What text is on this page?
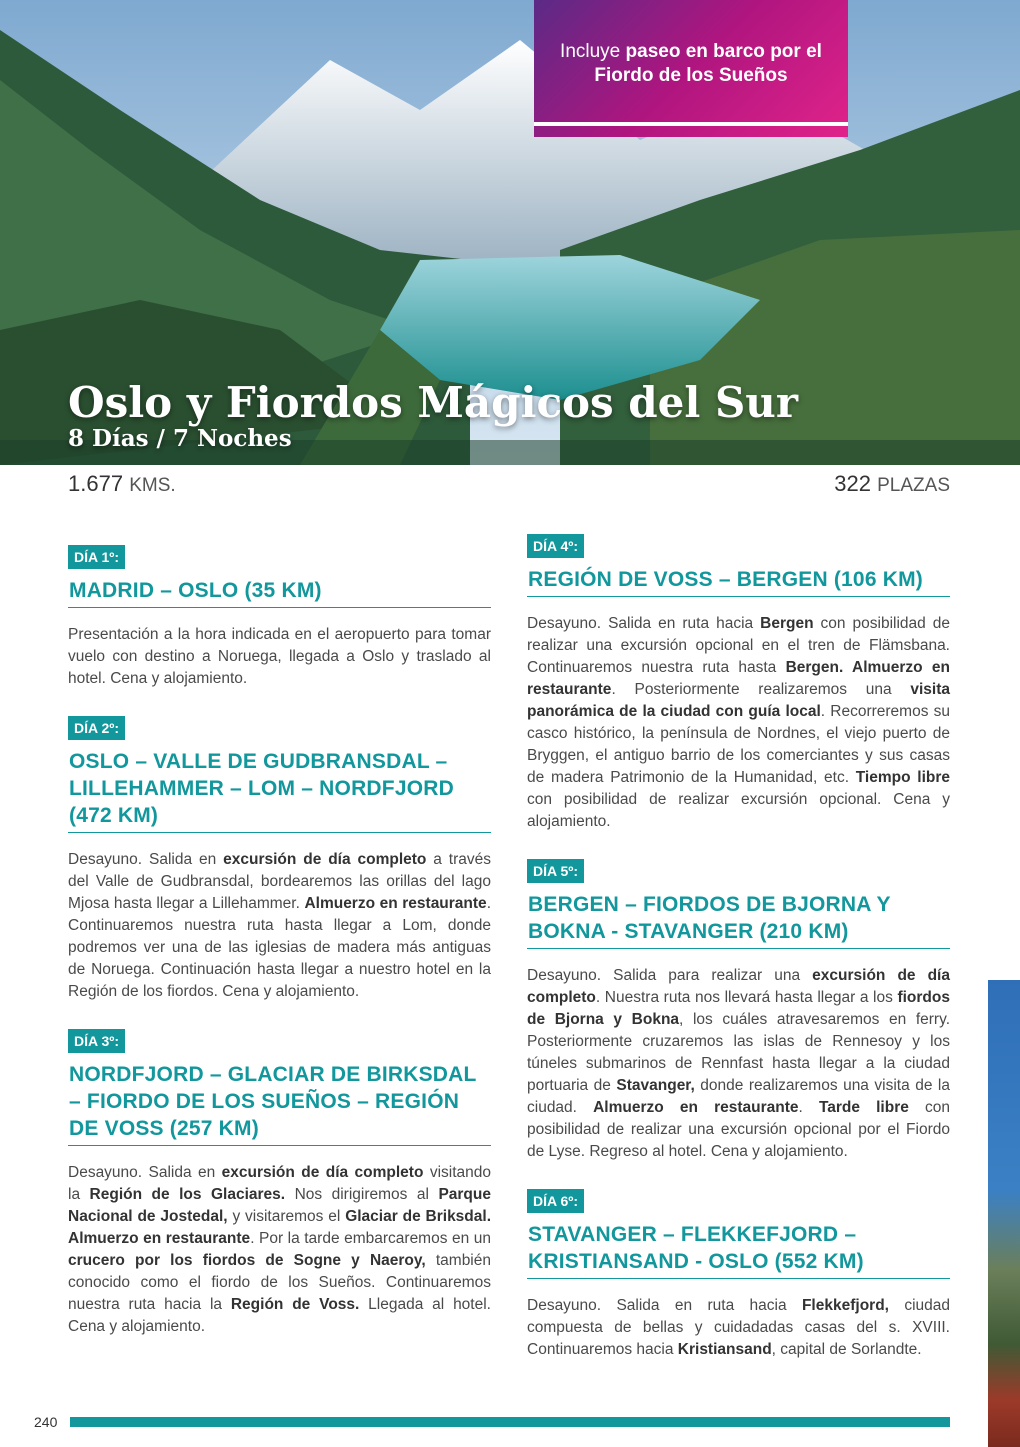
Incluye paseo en barco por el Fiordo de los Sueños
Oslo y Fiordos Mágicos del Sur
8 Días / 7 Noches
1.677 KMS.	322 PLAZAS
DÍA 1º:
MADRID – OSLO (35 KM)
Presentación a la hora indicada en el aeropuerto para tomar vuelo con destino a Noruega, llegada a Oslo y traslado al hotel. Cena y alojamiento.
DÍA 2º:
OSLO – VALLE DE GUDBRANSDAL – LILLEHAMMER – LOM – NORDFJORD (472 KM)
Desayuno. Salida en excursión de día completo a través del Valle de Gudbransdal, bordearemos las orillas del lago Mjosa hasta llegar a Lillehammer. Almuerzo en restaurante. Continuaremos nuestra ruta hasta llegar a Lom, donde podremos ver una de las iglesias de madera más antiguas de Noruega. Continuación hasta llegar a nuestro hotel en la Región de los fiordos. Cena y alojamiento.
DÍA 3º:
NORDFJORD – GLACIAR DE BIRKSDAL – FIORDO DE LOS SUEÑOS – REGIÓN DE VOSS (257 KM)
Desayuno. Salida en excursión de día completo visitando la Región de los Glaciares. Nos dirigiremos al Parque Nacional de Jostedal, y visitaremos el Glaciar de Briksdal. Almuerzo en restaurante. Por la tarde embarcaremos en un crucero por los fiordos de Sogne y Naeroy, también conocido como el fiordo de los Sueños. Continuaremos nuestra ruta hacia la Región de Voss. Llegada al hotel. Cena y alojamiento.
DÍA 4º:
REGIÓN DE VOSS – BERGEN (106 KM)
Desayuno. Salida en ruta hacia Bergen con posibilidad de realizar una excursión opcional en el tren de Flämsbana. Continuaremos nuestra ruta hasta Bergen. Almuerzo en restaurante. Posteriormente realizaremos una visita panorámica de la ciudad con guía local. Recorreremos su casco histórico, la península de Nordnes, el viejo puerto de Bryggen, el antiguo barrio de los comerciantes y sus casas de madera Patrimonio de la Humanidad, etc. Tiempo libre con posibilidad de realizar excursión opcional. Cena y alojamiento.
DÍA 5º:
BERGEN – FIORDOS DE BJORNA Y BOKNA - STAVANGER (210 KM)
Desayuno. Salida para realizar una excursión de día completo. Nuestra ruta nos llevará hasta llegar a los fiordos de Bjorna y Bokna, los cuáles atravesaremos en ferry. Posteriormente cruzaremos las islas de Rennesoy y los túneles submarinos de Rennfast hasta llegar a la ciudad portuaria de Stavanger, donde realizaremos una visita de la ciudad. Almuerzo en restaurante. Tarde libre con posibilidad de realizar una excursión opcional por el Fiordo de Lyse. Regreso al hotel. Cena y alojamiento.
DÍA 6º:
STAVANGER – FLEKKEFJORD – KRISTIANSAND - OSLO (552 KM)
Desayuno. Salida en ruta hacia Flekkefjord, ciudad compuesta de bellas y cuidadadas casas del s. XVIII. Continuaremos hacia Kristiansand, capital de Sorlandte.
240
